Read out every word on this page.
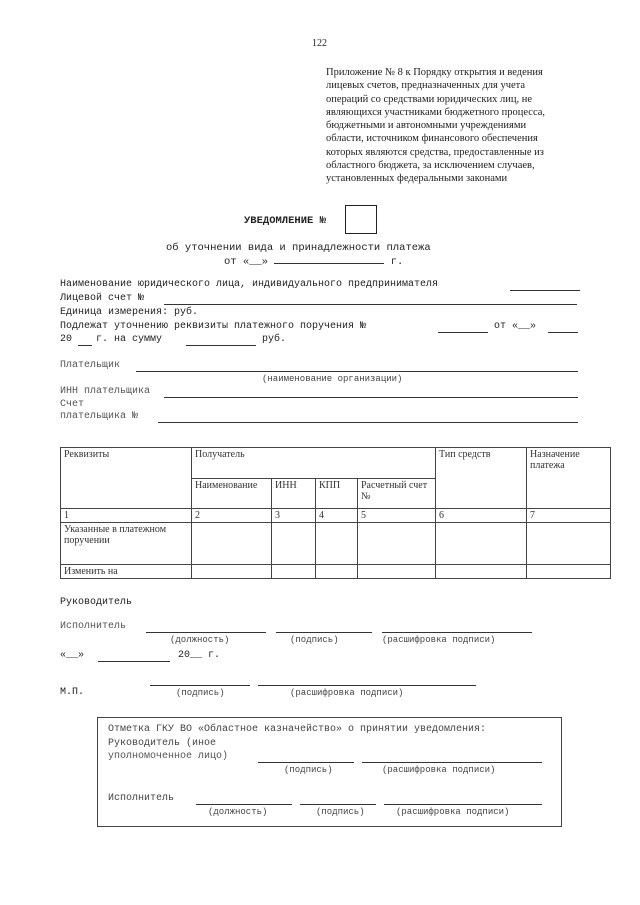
122
Приложение № 8 к Порядку открытия и ведения
лицевых счетов, предназначенных для учета
операций со средствами юридических лиц, не
являющихся участниками бюджетного процесса,
бюджетными и автономными учреждениями
области, источником финансового обеспечения
которых являются средства, предоставленные из
областного бюджета, за исключением случаев,
установленных федеральными законами
УВЕДОМЛЕНИЕ №
об уточнении вида и принадлежности платежа
от «__»	г.
Наименование юридического лица, индивидуального предпринимателя
Лицевой счет №
Единица измерения: руб.
Подлежат уточнению реквизиты платежного поручения №	от «__»
20 г. на сумму	руб.
Плательщик
(наименование организации)
ИНН плательщика
Счет
плательщика №
Реквизиты	Получатель				Тип средств	Назначение платежа
	Наименование	ИНН	КПП	Расчетный счет №		
1	2	3	4	5	6	7
Указанные в платежном поручении						
Изменить на						
Руководитель
Исполнитель
(должность)	(подпись)	(расшифровка подписи)
«__»	20__ г.
М.П.	(подпись)	(расшифровка подписи)
Отметка ГКУ ВО «Областное казначейство» о принятии уведомления:
Руководитель (иное
уполномоченное лицо)
(подпись)	(расшифровка подписи)
Исполнитель
(должность)	(подпись)	(расшифровка подписи)
